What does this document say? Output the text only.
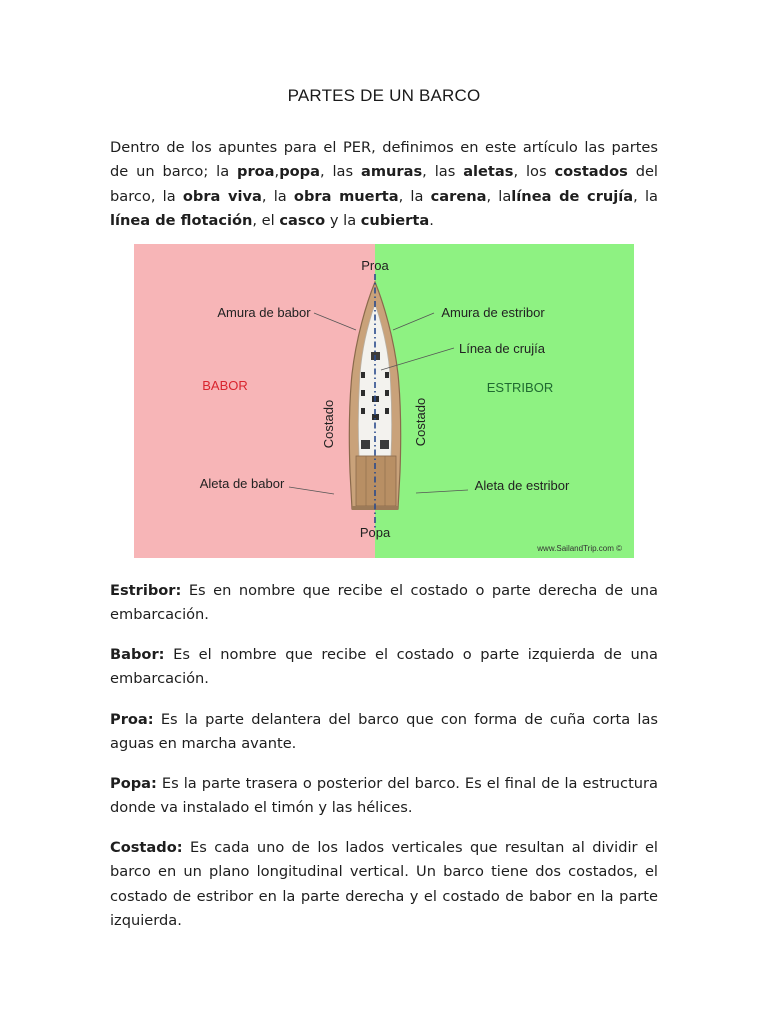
PARTES DE UN BARCO

Dentro de los apuntes para el PER, definimos en este artículo las partes de un barco; la proa,popa, las amuras, las aletas, los costados del barco, la obra viva, la obra muerta, la carena, lalínea de crujía, la línea de flotación, el casco y la cubierta.

Proa
Popa
Amura de babor	Amura de estribor
Línea de crujía
BABOR	ESTRIBOR
Costado	Costado
Aleta de babor	Aleta de estribor
www.SailandTrip.com ©

Estribor: Es en nombre que recibe el costado o parte derecha de una embarcación.

Babor: Es el nombre que recibe el costado o parte izquierda de una embarcación.

Proa: Es la parte delantera del barco que con forma de cuña corta las aguas en marcha avante.

Popa: Es la parte trasera o posterior del barco. Es el final de la estructura donde va instalado el timón y las hélices.

Costado: Es cada uno de los lados verticales que resultan al dividir el barco en un plano longitudinal vertical. Un barco tiene dos costados, el costado de estribor en la parte derecha y el costado de babor en la parte izquierda.
